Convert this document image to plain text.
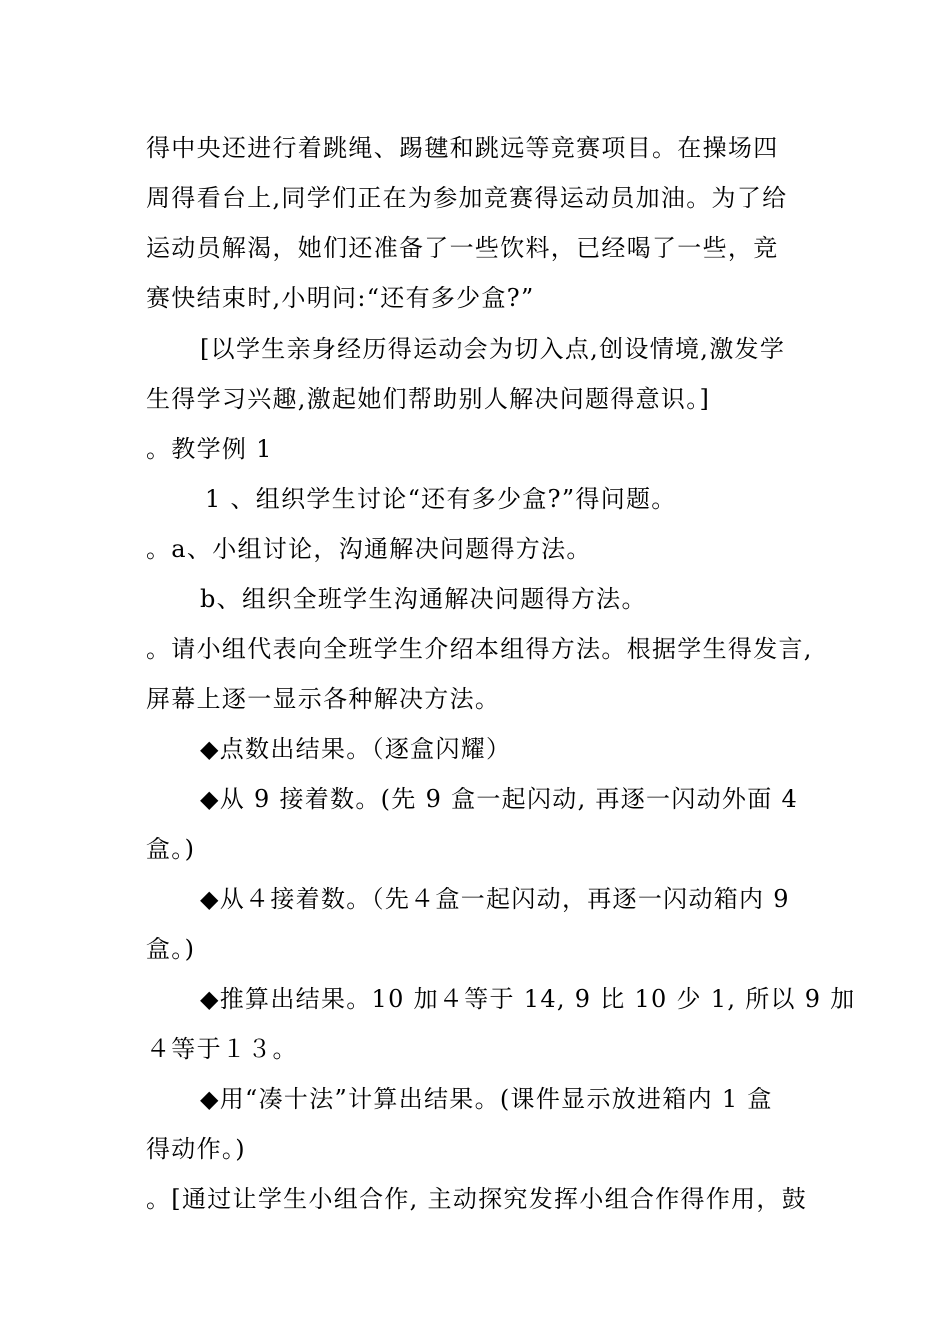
得中央还进行着跳绳、踢毽和跳远等竞赛项目。在操场四
周得看台上,同学们正在为参加竞赛得运动员加油。为了给
运动员解渴，她们还准备了一些饮料，已经喝了一些，竞
赛快结束时,小明问:“还有多少盒?”
[以学生亲身经历得运动会为切入点,创设情境,激发学
生得学习兴趣,激起她们帮助别人解决问题得意识。]
。教学例 1
1 、组织学生讨论“还有多少盒?”得问题。
。a、小组讨论，沟通解决问题得方法。
b、组织全班学生沟通解决问题得方法。
。请小组代表向全班学生介绍本组得方法。根据学生得发言,
屏幕上逐一显示各种解决方法。
◆点数出结果。（逐盒闪耀）
◆从 9 接着数。(先 9 盒一起闪动, 再逐一闪动外面 4
盒。)
◆从４接着数。（先４盒一起闪动，再逐一闪动箱内 9
盒。)
◆推算出结果。10 加４等于 14, 9 比 10 少 1, 所以 9 加
４等于１３。
◆用“凑十法”计算出结果。(课件显示放进箱内 1 盒
得动作。)
。[通过让学生小组合作, 主动探究发挥小组合作得作用，鼓
